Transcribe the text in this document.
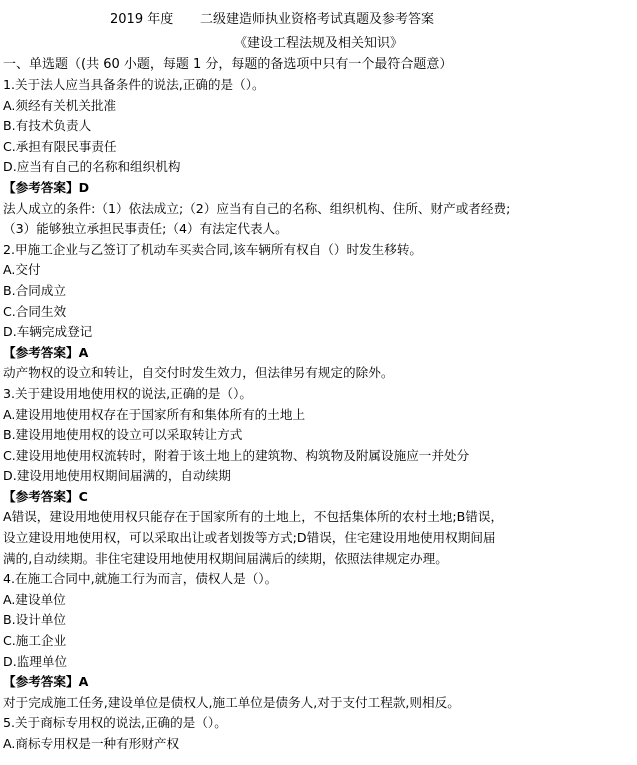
2019 年度 二级建造师执业资格考试真题及参考答案
《建设工程法规及相关知识》
一、单选题（(共 60 小题，每题 1 分，每题的备选项中只有一个最符合题意）
1.关于法人应当具备条件的说法,正确的是（）。
A.须经有关机关批准
B.有技术负责人
C.承担有限民事责任
D.应当有自己的名称和组织机构
【参考答案】D
法人成立的条件:（1）依法成立;（2）应当有自己的名称、组织机构、住所、财产或者经费;
（3）能够独立承担民事责任;（4）有法定代表人。
2.甲施工企业与乙签订了机动车买卖合同,该车辆所有权自（）时发生移转。
A.交付
B.合同成立
C.合同生效
D.车辆完成登记
【参考答案】A
动产物权的设立和转让，自交付时发生效力，但法律另有规定的除外。
3.关于建设用地使用权的说法,正确的是（）。
A.建设用地使用权存在于国家所有和集体所有的土地上
B.建设用地使用权的设立可以采取转让方式
C.建设用地使用权流转时，附着于该土地上的建筑物、构筑物及附属设施应一并处分
D.建设用地使用权期间届满的，自动续期
【参考答案】C
A错误，建设用地使用权只能存在于国家所有的土地上，不包括集体所的农村土地;B错误，
设立建设用地使用权，可以采取出让或者划拨等方式;D错误，住宅建设用地使用权期间届
满的,自动续期。非住宅建设用地使用权期间届满后的续期，依照法律规定办理。
4.在施工合同中,就施工行为而言，债权人是（）。
A.建设单位
B.设计单位
C.施工企业
D.监理单位
【参考答案】A
对于完成施工任务,建设单位是债权人,施工单位是债务人,对于支付工程款,则相反。
5.关于商标专用权的说法,正确的是（）。
A.商标专用权是一种有形财产权
